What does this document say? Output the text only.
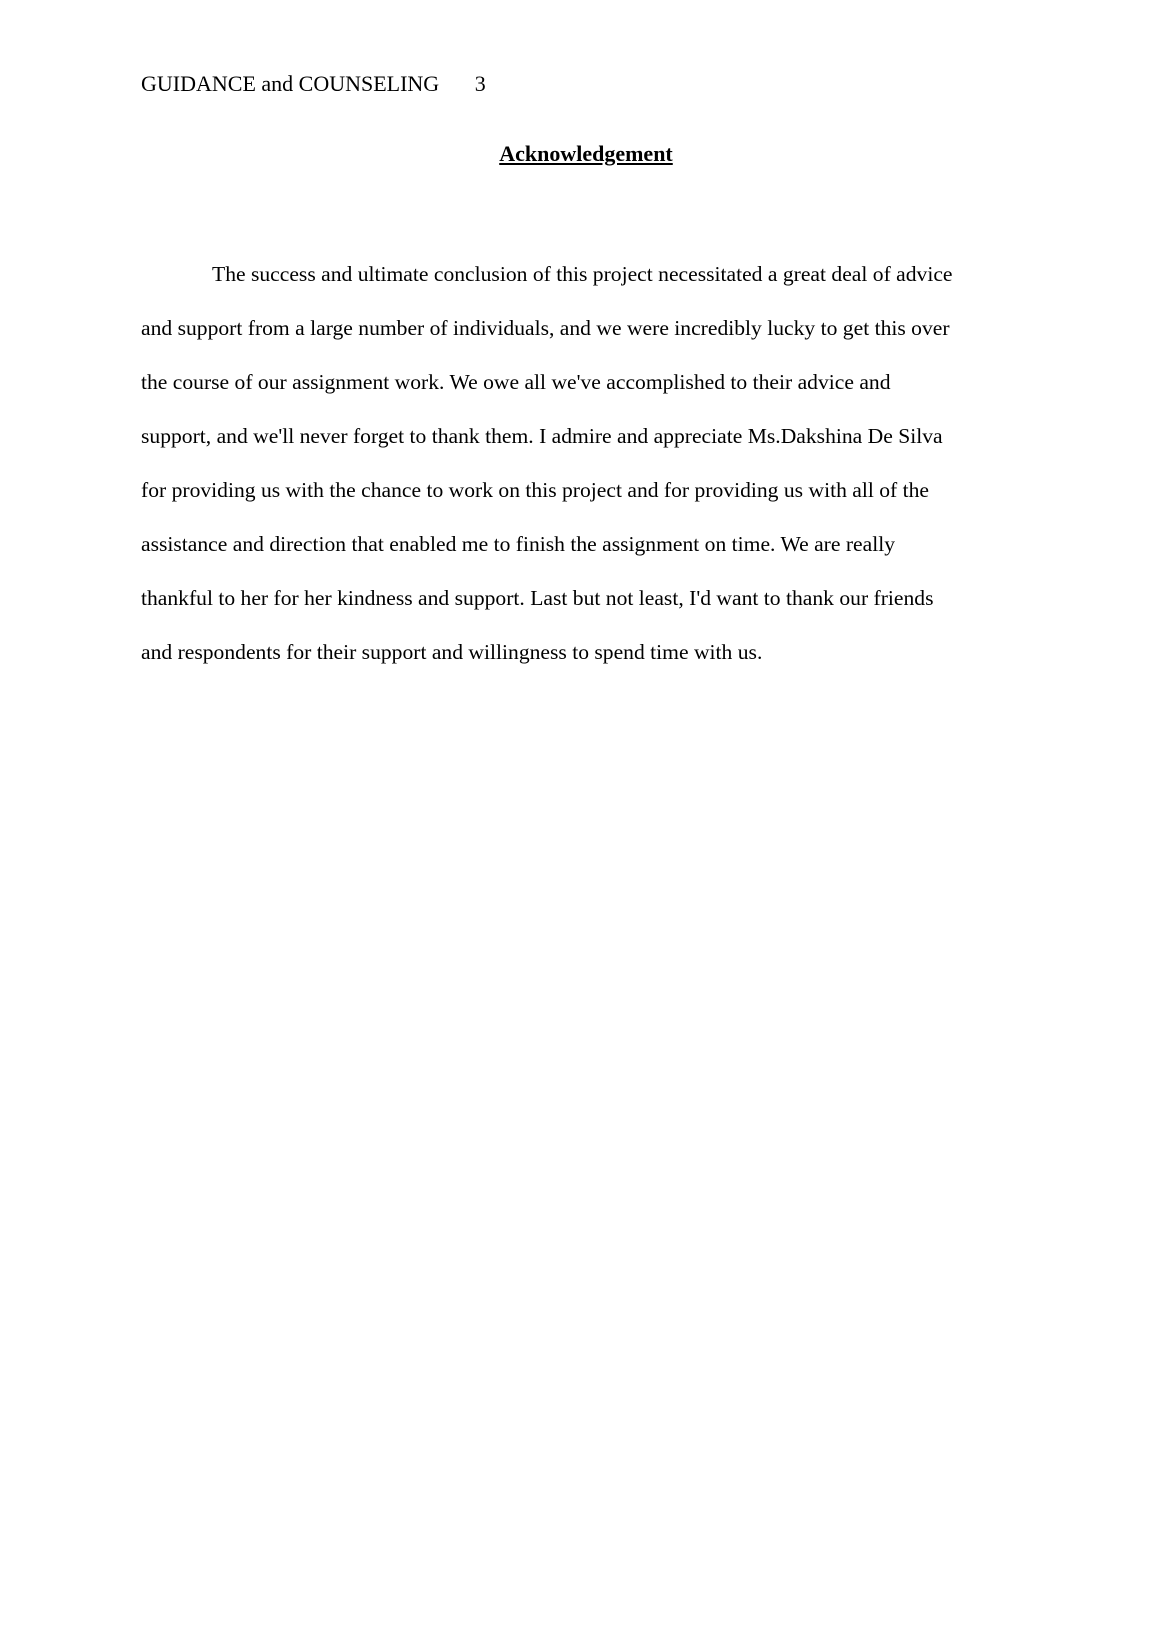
GUIDANCE and COUNSELING 3
Acknowledgement
The success and ultimate conclusion of this project necessitated a great deal of advice
and support from a large number of individuals, and we were incredibly lucky to get this over
the course of our assignment work. We owe all we've accomplished to their advice and
support, and we'll never forget to thank them. I admire and appreciate Ms.Dakshina De Silva
for providing us with the chance to work on this project and for providing us with all of the
assistance and direction that enabled me to finish the assignment on time. We are really
thankful to her for her kindness and support. Last but not least, I'd want to thank our friends
and respondents for their support and willingness to spend time with us.
